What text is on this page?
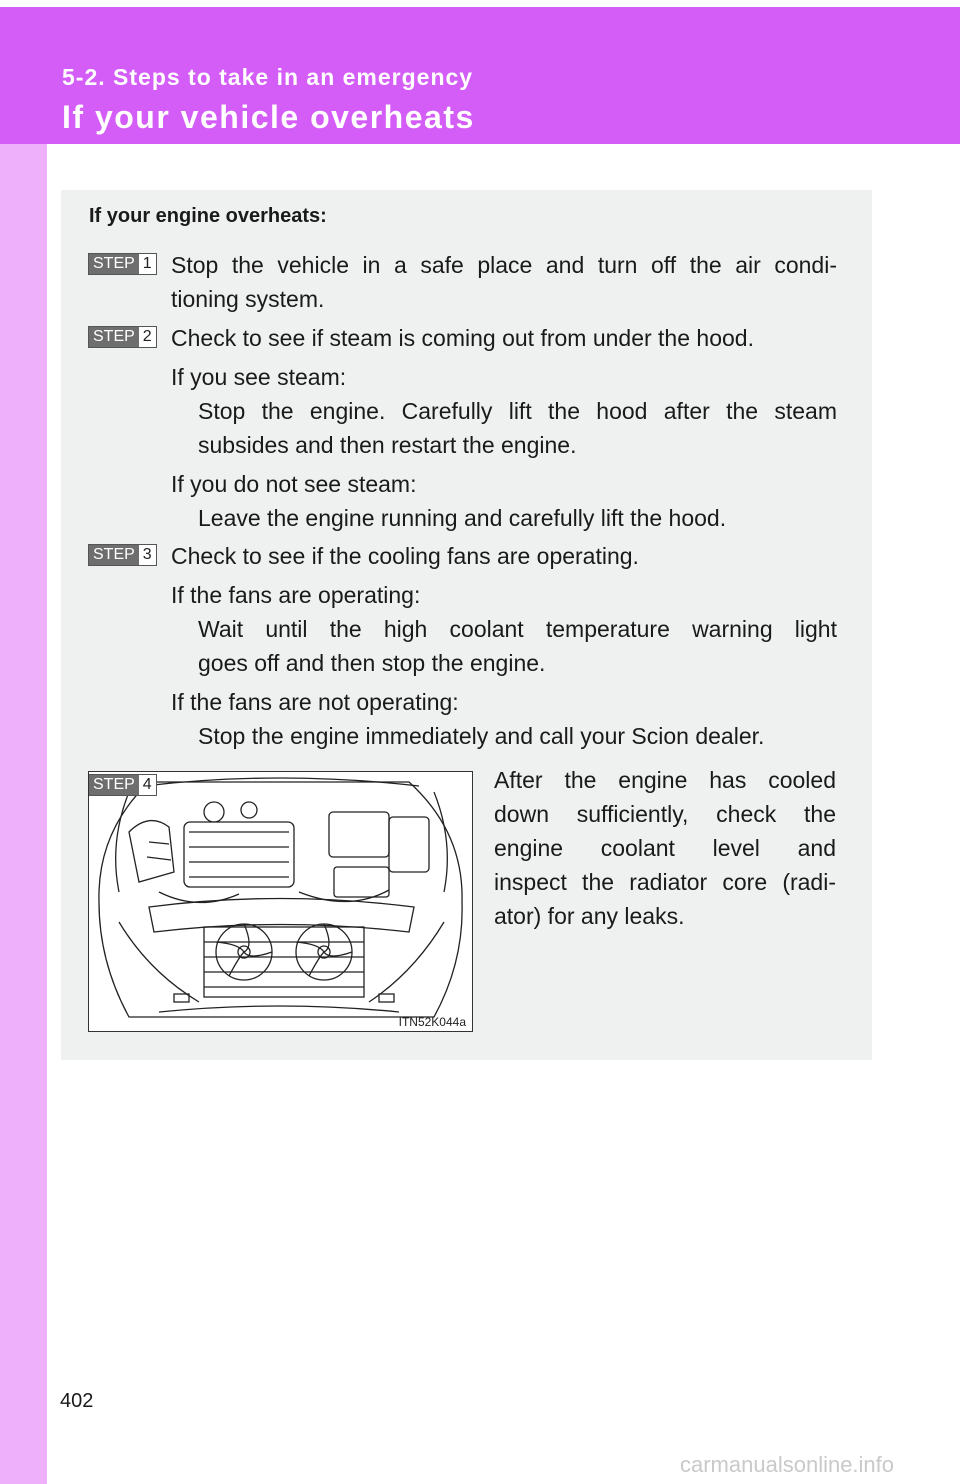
5-2. Steps to take in an emergency
If your vehicle overheats
If your engine overheats:
STEP 1 Stop the vehicle in a safe place and turn off the air condi-
tioning system.
STEP 2 Check to see if steam is coming out from under the hood.
If you see steam:
Stop the engine. Carefully lift the hood after the steam
subsides and then restart the engine.
If you do not see steam:
Leave the engine running and carefully lift the hood.
STEP 3 Check to see if the cooling fans are operating.
If the fans are operating:
Wait until the high coolant temperature warning light
goes off and then stop the engine.
If the fans are not operating:
Stop the engine immediately and call your Scion dealer.
STEP 4
ITN52K044a
After the engine has cooled
down sufficiently, check the
engine coolant level and
inspect the radiator core (radi-
ator) for any leaks.
402
carmanualsonline.info
